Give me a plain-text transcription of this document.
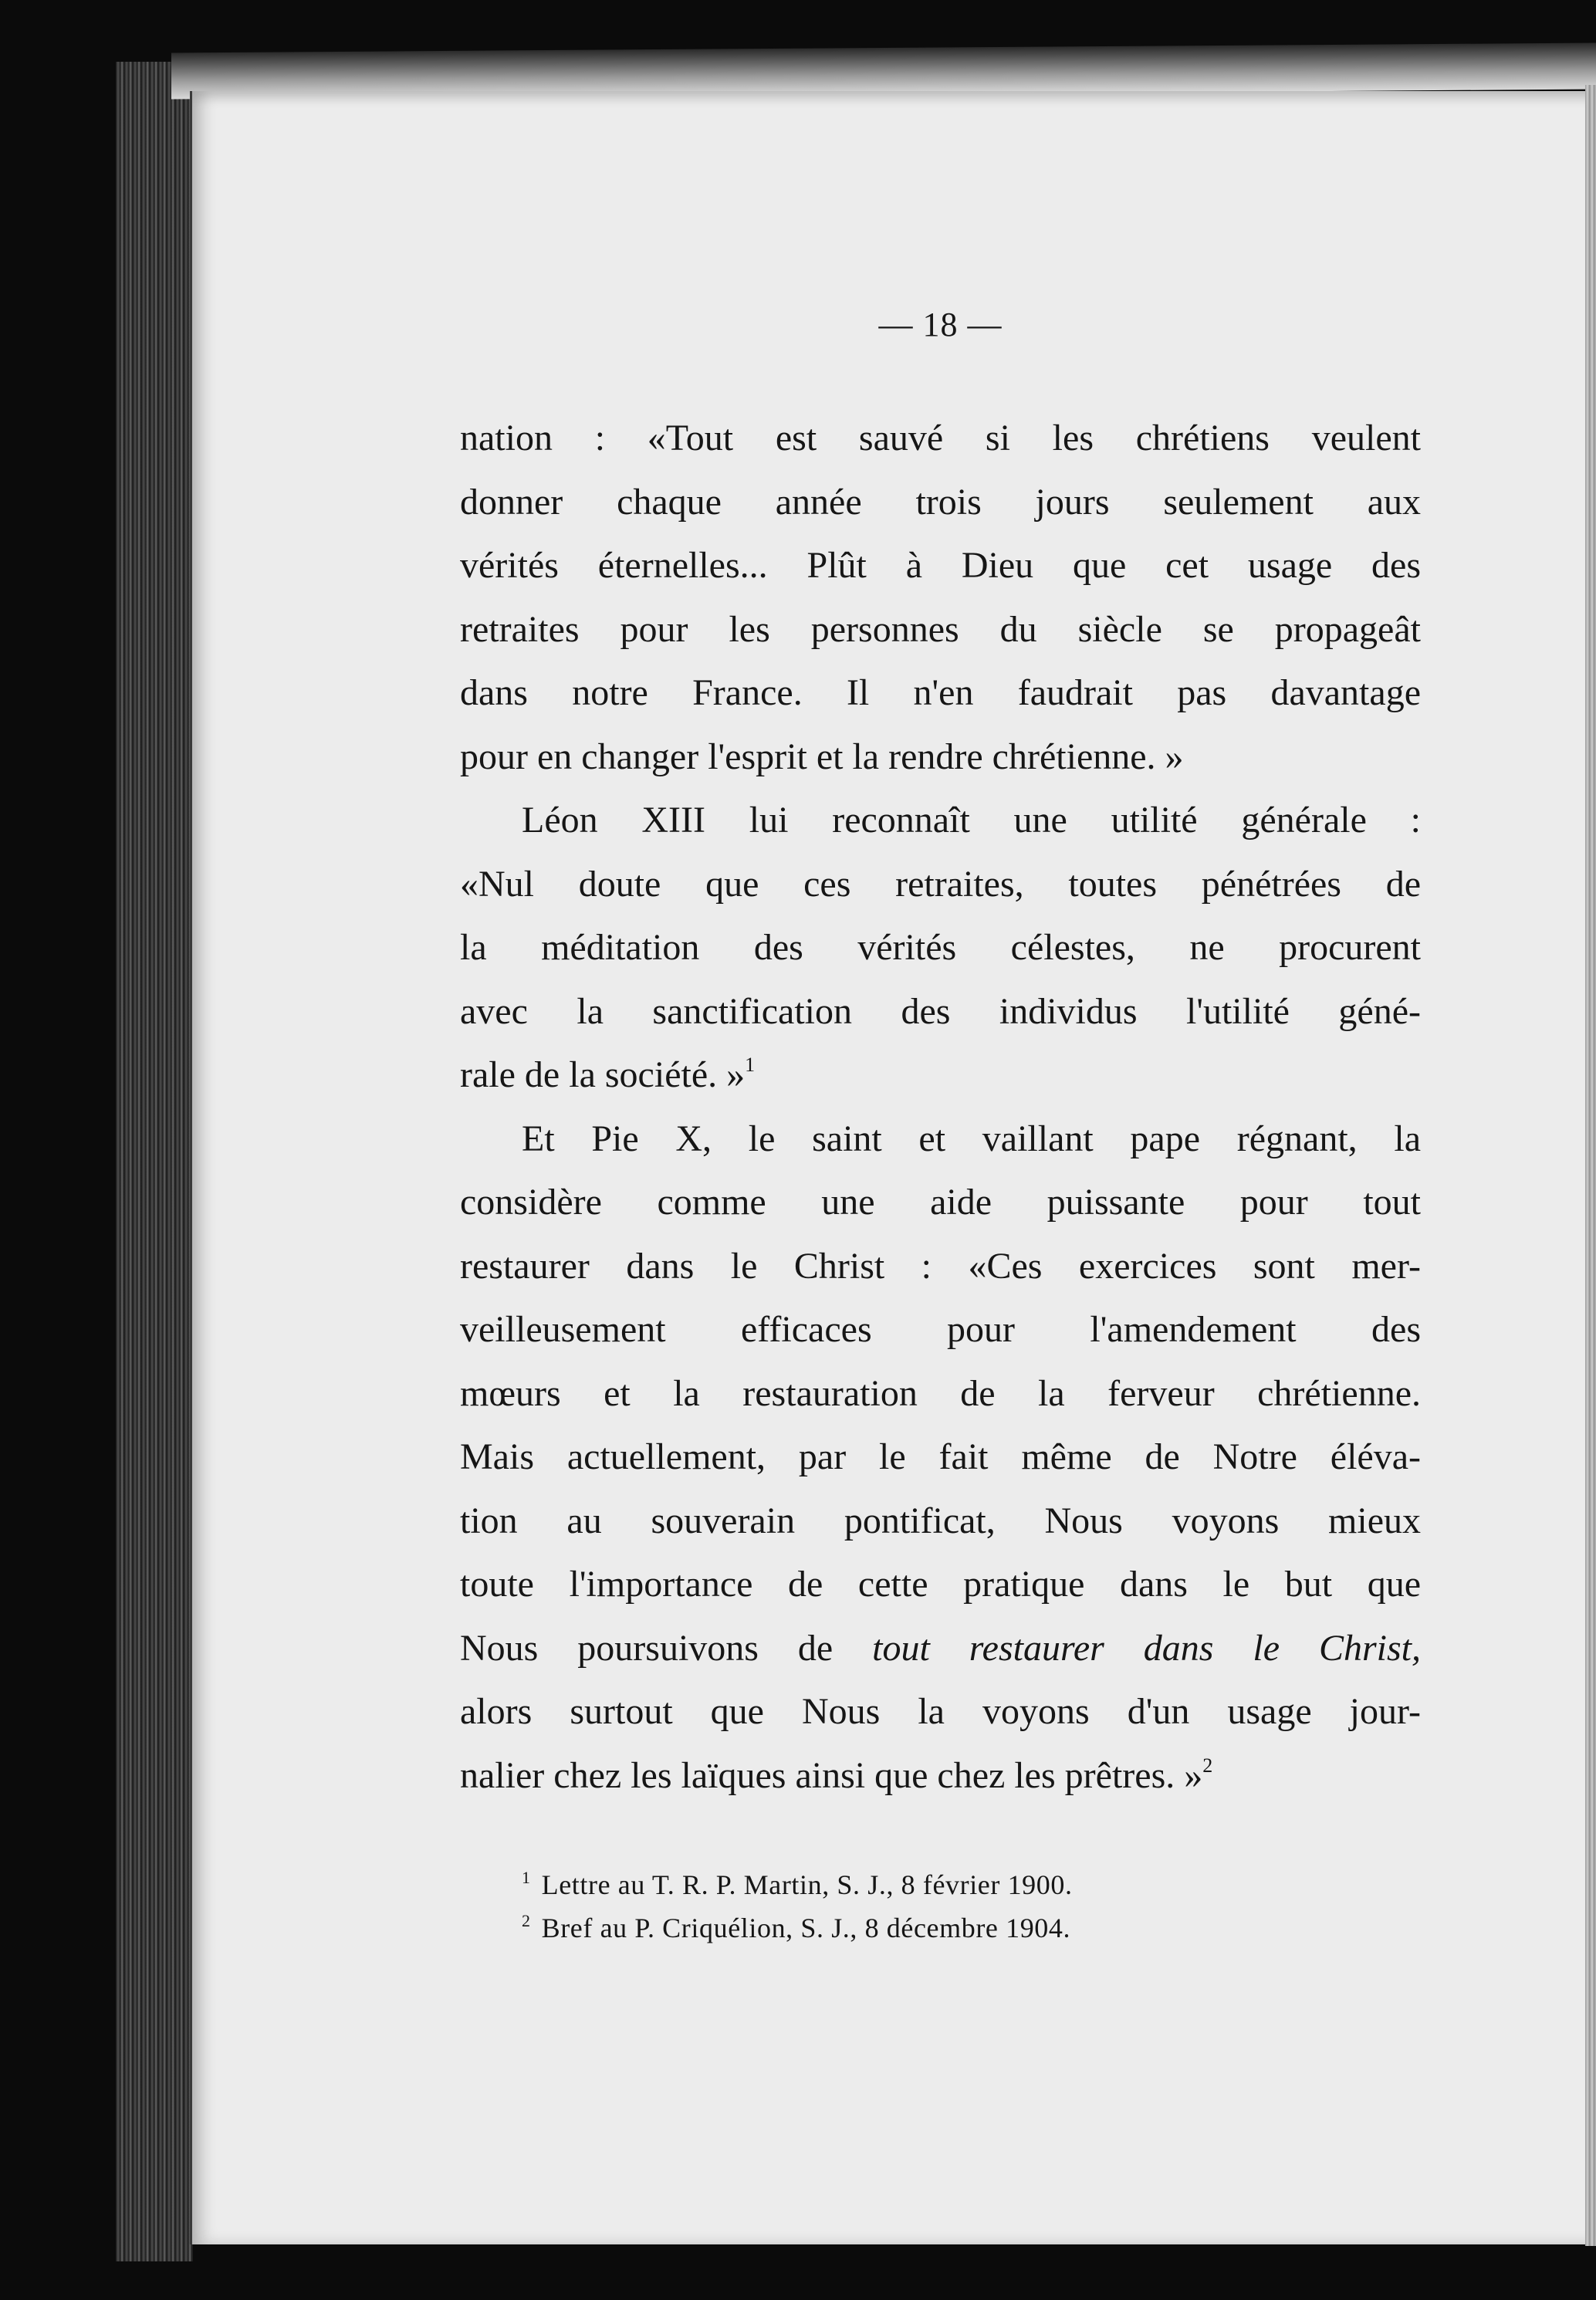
— 18 —
nation : «Tout est sauvé si les chrétiens veulent
donner chaque année trois jours seulement aux
vérités éternelles... Plût à Dieu que cet usage des
retraites pour les personnes du siècle se propageât
dans notre France. Il n'en faudrait pas davantage
pour en changer l'esprit et la rendre chrétienne. »
Léon XIII lui reconnaît une utilité générale :
«Nul doute que ces retraites, toutes pénétrées de
la méditation des vérités célestes, ne procurent
avec la sanctification des individus l'utilité géné-
rale de la société. »$^1$
Et Pie X, le saint et vaillant pape régnant, la
considère comme une aide puissante pour tout
restaurer dans le Christ : «Ces exercices sont mer-
veilleusement efficaces pour l'amendement des
mœurs et la restauration de la ferveur chrétienne.
Mais actuellement, par le fait même de Notre éléva-
tion au souverain pontificat, Nous voyons mieux
toute l'importance de cette pratique dans le but que
Nous poursuivons de tout restaurer dans le Christ,
alors surtout que Nous la voyons d'un usage jour-
nalier chez les laïques ainsi que chez les prêtres. »$^2$
$^1$ Lettre au T. R. P. Martin, S. J., 8 février 1900.
$^2$ Bref au P. Criquélion, S. J., 8 décembre 1904.
